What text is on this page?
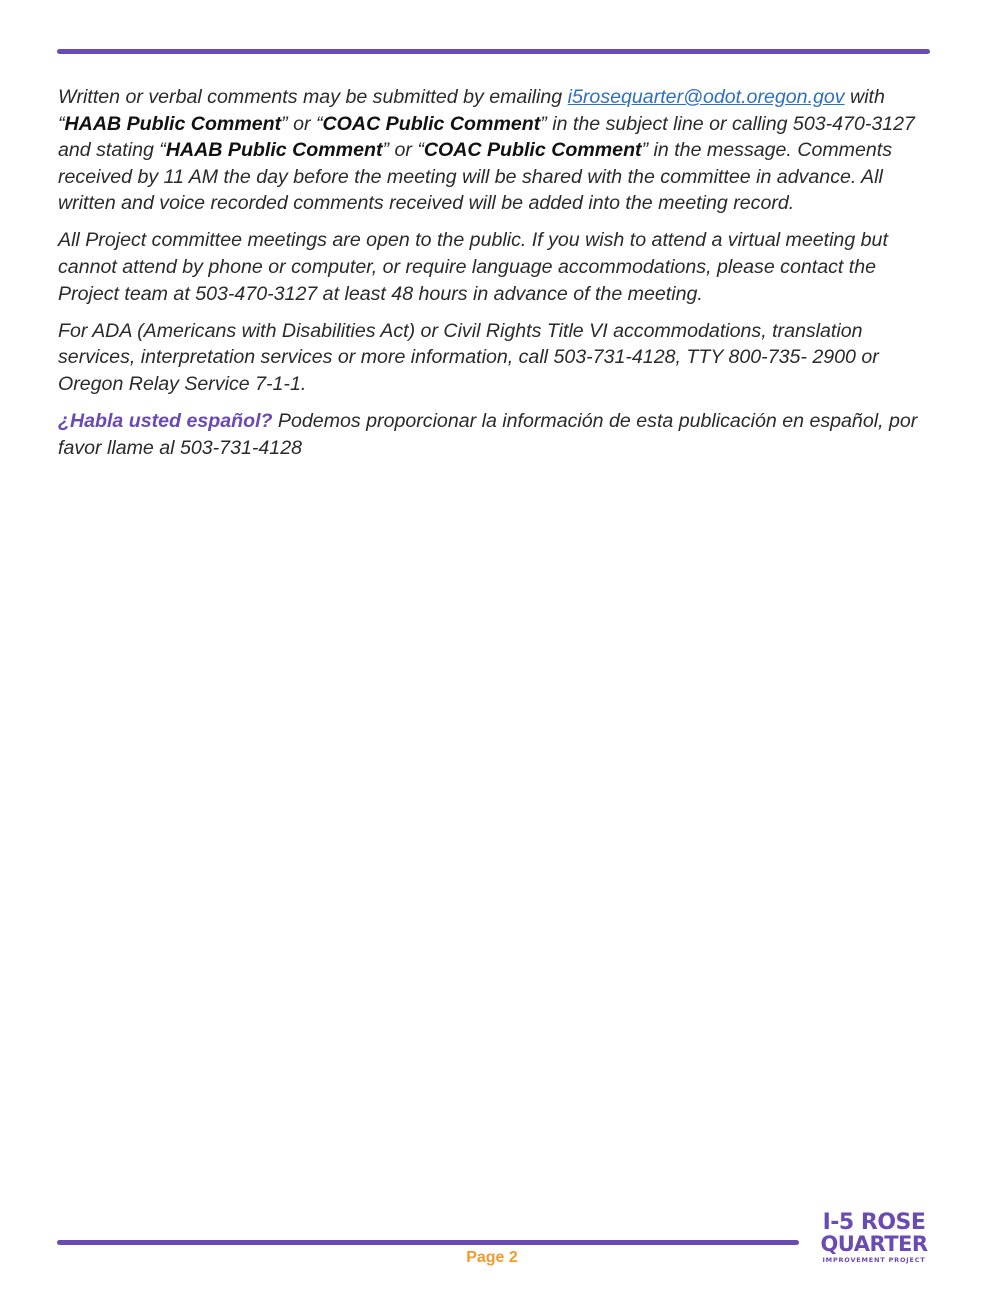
Written or verbal comments may be submitted by emailing i5rosequarter@odot.oregon.gov with “HAAB Public Comment” or “COAC Public Comment” in the subject line or calling 503-470-3127 and stating “HAAB Public Comment” or “COAC Public Comment” in the message. Comments received by 11 AM the day before the meeting will be shared with the committee in advance. All written and voice recorded comments received will be added into the meeting record.

All Project committee meetings are open to the public. If you wish to attend a virtual meeting but cannot attend by phone or computer, or require language accommodations, please contact the Project team at 503-470-3127 at least 48 hours in advance of the meeting.

For ADA (Americans with Disabilities Act) or Civil Rights Title VI accommodations, translation services, interpretation services or more information, call 503-731-4128, TTY 800-735- 2900 or Oregon Relay Service 7-1-1.

¿Habla usted español? Podemos proporcionar la información de esta publicación en español, por favor llame al 503-731-4128

Page 2
I-5 ROSE
QUARTER
IMPROVEMENT PROJECT
